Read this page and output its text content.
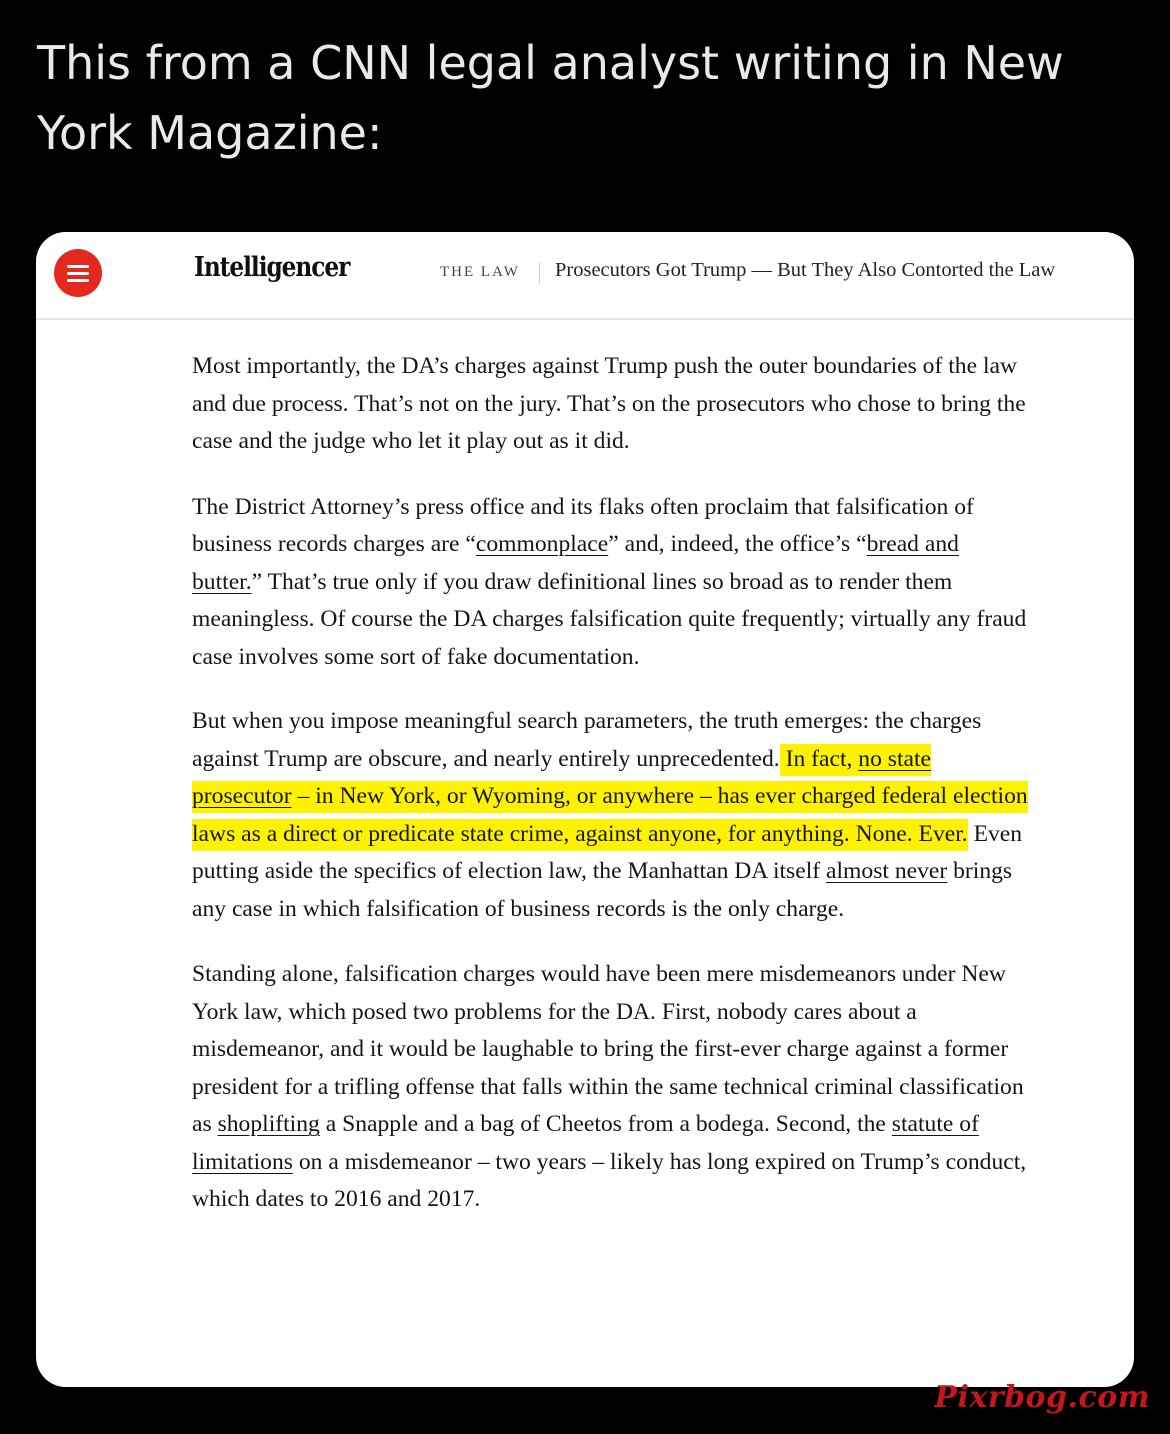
This from a CNN legal analyst writing in New York Magazine:
Intelligencer	THE LAW Prosecutors Got Trump — But They Also Contorted the Law

Most importantly, the DA’s charges against Trump push the outer boundaries of the law and due process. That’s not on the jury. That’s on the prosecutors who chose to bring the case and the judge who let it play out as it did.

The District Attorney’s press office and its flaks often proclaim that falsification of business records charges are “commonplace” and, indeed, the office’s “bread and butter.” That’s true only if you draw definitional lines so broad as to render them meaningless. Of course the DA charges falsification quite frequently; virtually any fraud case involves some sort of fake documentation.

But when you impose meaningful search parameters, the truth emerges: the charges against Trump are obscure, and nearly entirely unprecedented. In fact, no state prosecutor – in New York, or Wyoming, or anywhere – has ever charged federal election laws as a direct or predicate state crime, against anyone, for anything. None. Ever. Even putting aside the specifics of election law, the Manhattan DA itself almost never brings any case in which falsification of business records is the only charge.

Standing alone, falsification charges would have been mere misdemeanors under New York law, which posed two problems for the DA. First, nobody cares about a misdemeanor, and it would be laughable to bring the first-ever charge against a former president for a trifling offense that falls within the same technical criminal classification as shoplifting a Snapple and a bag of Cheetos from a bodega. Second, the statute of limitations on a misdemeanor – two years – likely has long expired on Trump’s conduct, which dates to 2016 and 2017.

Pixrbog.com
